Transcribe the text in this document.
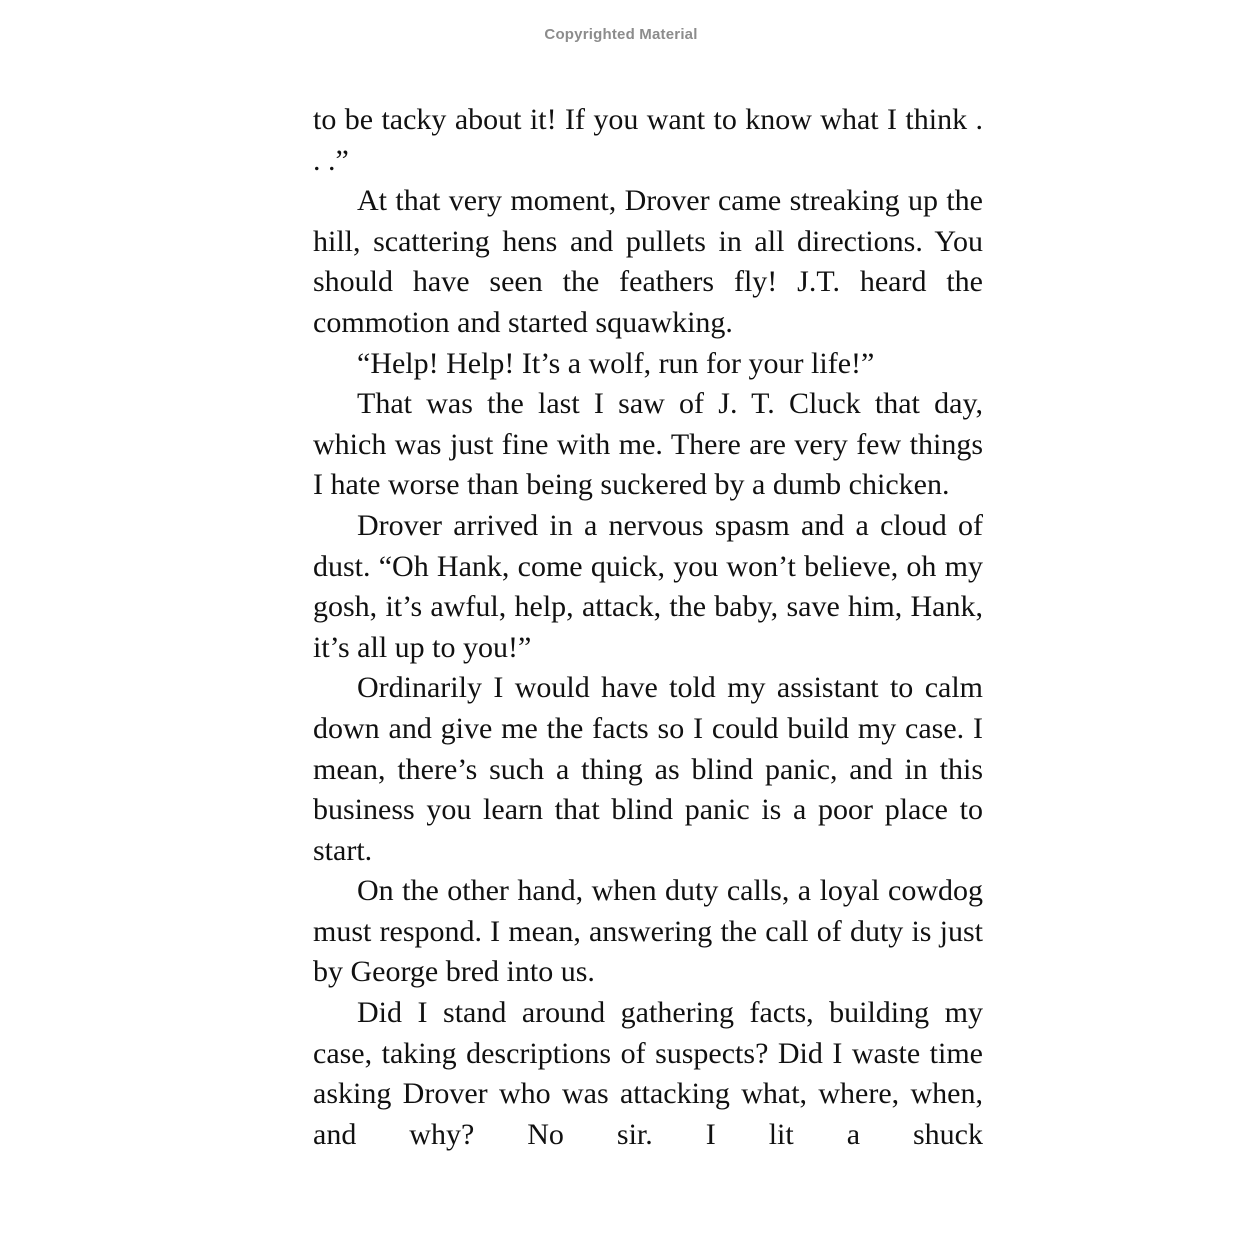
Copyrighted Material

to be tacky about it! If you want to know what I think . . .”

At that very moment, Drover came streaking up the hill, scattering hens and pullets in all directions. You should have seen the feathers fly! J.T. heard the commotion and started squawking.

“Help! Help! It’s a wolf, run for your life!”

That was the last I saw of J. T. Cluck that day, which was just fine with me. There are very few things I hate worse than being suckered by a dumb chicken.

Drover arrived in a nervous spasm and a cloud of dust. “Oh Hank, come quick, you won’t believe, oh my gosh, it’s awful, help, attack, the baby, save him, Hank, it’s all up to you!”

Ordinarily I would have told my assistant to calm down and give me the facts so I could build my case. I mean, there’s such a thing as blind panic, and in this business you learn that blind panic is a poor place to start.

On the other hand, when duty calls, a loyal cowdog must respond. I mean, answering the call of duty is just by George bred into us.

Did I stand around gathering facts, building my case, taking descriptions of suspects? Did I waste time asking Drover who was attacking what, where, when, and why? No sir. I lit a shuck
